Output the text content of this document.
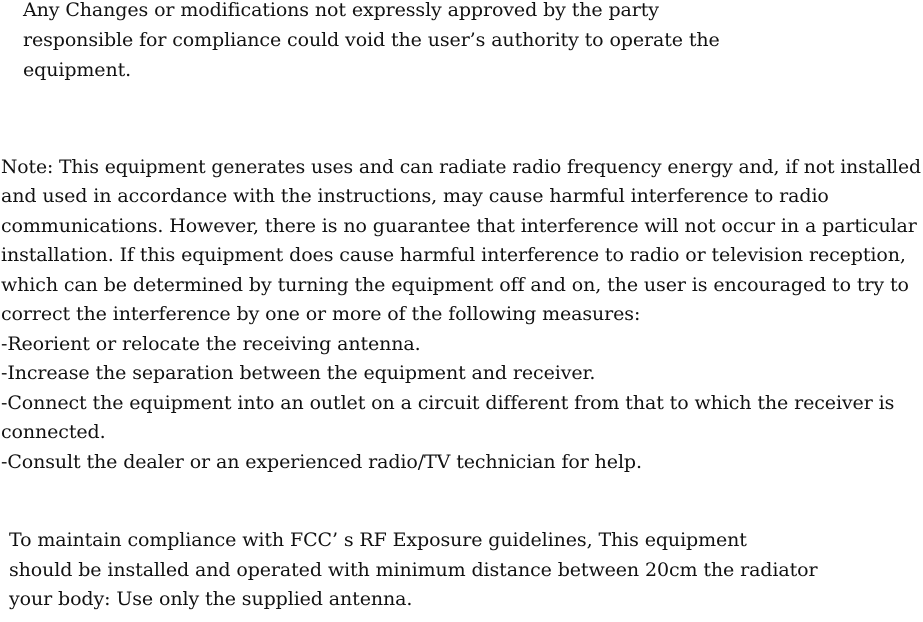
Any Changes or modifications not expressly approved by the party
responsible for compliance could void the user’s authority to operate the
equipment.
Note: This equipment generates uses and can radiate radio frequency energy and, if not installed
and used in accordance with the instructions, may cause harmful interference to radio
communications. However, there is no guarantee that interference will not occur in a particular
installation. If this equipment does cause harmful interference to radio or television reception,
which can be determined by turning the equipment off and on, the user is encouraged to try to
correct the interference by one or more of the following measures:
-Reorient or relocate the receiving antenna.
-Increase the separation between the equipment and receiver.
-Connect the equipment into an outlet on a circuit different from that to which the receiver is
connected.
-Consult the dealer or an experienced radio/TV technician for help.
To maintain compliance with FCC’ s RF Exposure guidelines, This equipment
should be installed and operated with minimum distance between 20cm the radiator
your body: Use only the supplied antenna.
